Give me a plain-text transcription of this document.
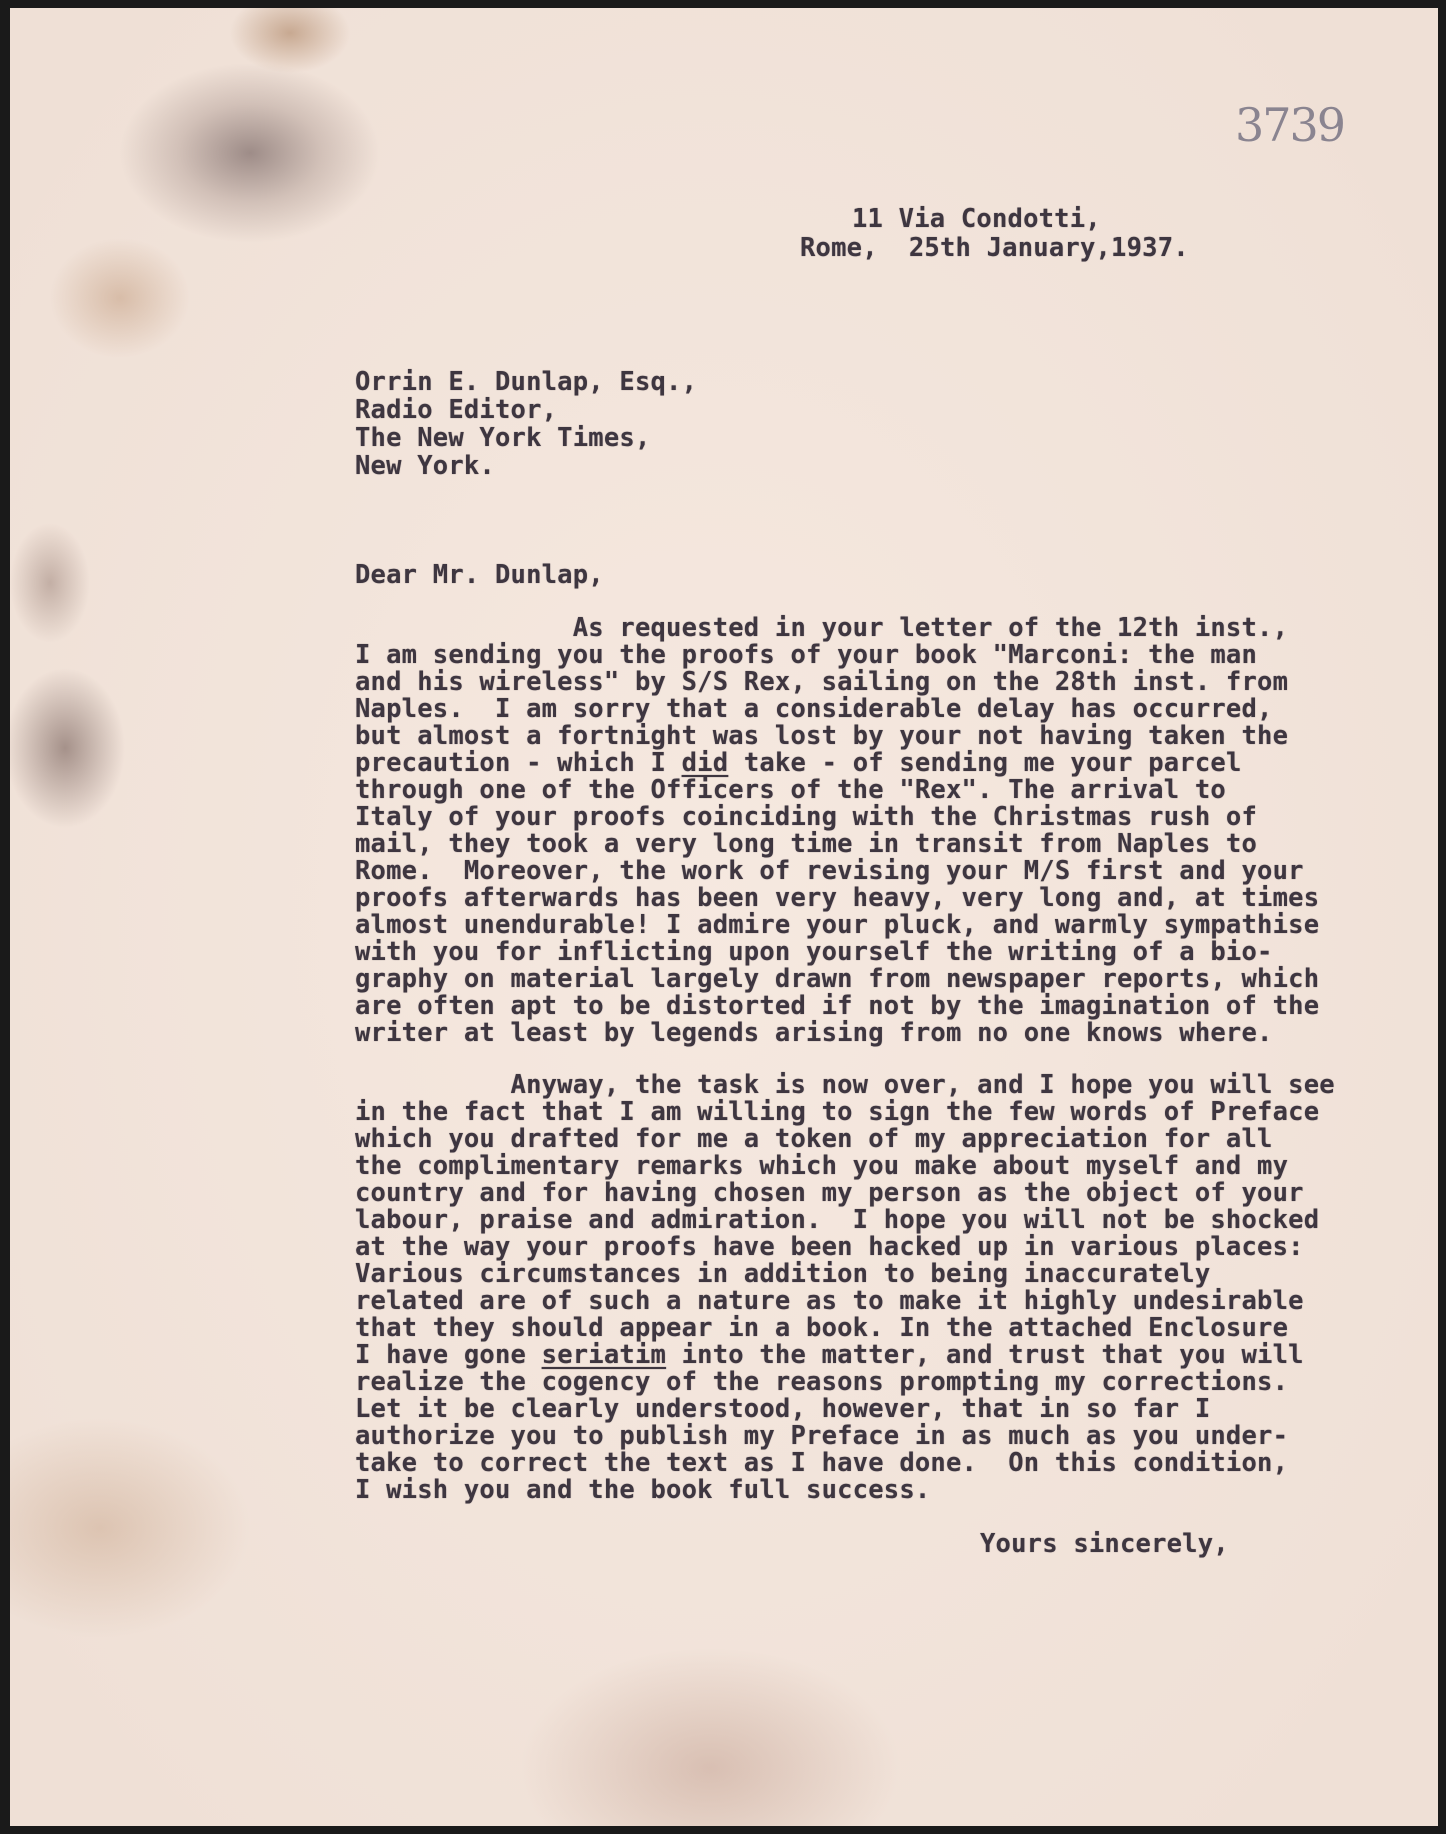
3739
11 Via Condotti,
Rome,  25th January,1937.
Orrin E. Dunlap, Esq.,
Radio Editor,
The New York Times,
New York.
Dear Mr. Dunlap,
As requested in your letter of the 12th inst.,
I am sending you the proofs of your book "Marconi: the man
and his wireless" by S/S Rex, sailing on the 28th inst. from
Naples.  I am sorry that a considerable delay has occurred,
but almost a fortnight was lost by your not having taken the
precaution - which I did take - of sending me your parcel
through one of the Officers of the "Rex". The arrival to
Italy of your proofs coinciding with the Christmas rush of
mail, they took a very long time in transit from Naples to
Rome.  Moreover, the work of revising your M/S first and your
proofs afterwards has been very heavy, very long and, at times
almost unendurable! I admire your pluck, and warmly sympathise
with you for inflicting upon yourself the writing of a bio-
graphy on material largely drawn from newspaper reports, which
are often apt to be distorted if not by the imagination of the
writer at least by legends arising from no one knows where.
Anyway, the task is now over, and I hope you will see
in the fact that I am willing to sign the few words of Preface
which you drafted for me a token of my appreciation for all
the complimentary remarks which you make about myself and my
country and for having chosen my person as the object of your
labour, praise and admiration.  I hope you will not be shocked
at the way your proofs have been hacked up in various places:
Various circumstances in addition to being inaccurately
related are of such a nature as to make it highly undesirable
that they should appear in a book. In the attached Enclosure
I have gone seriatim into the matter, and trust that you will
realize the cogency of the reasons prompting my corrections.
Let it be clearly understood, however, that in so far I
authorize you to publish my Preface in as much as you under-
take to correct the text as I have done.  On this condition,
I wish you and the book full success.
Yours sincerely,
